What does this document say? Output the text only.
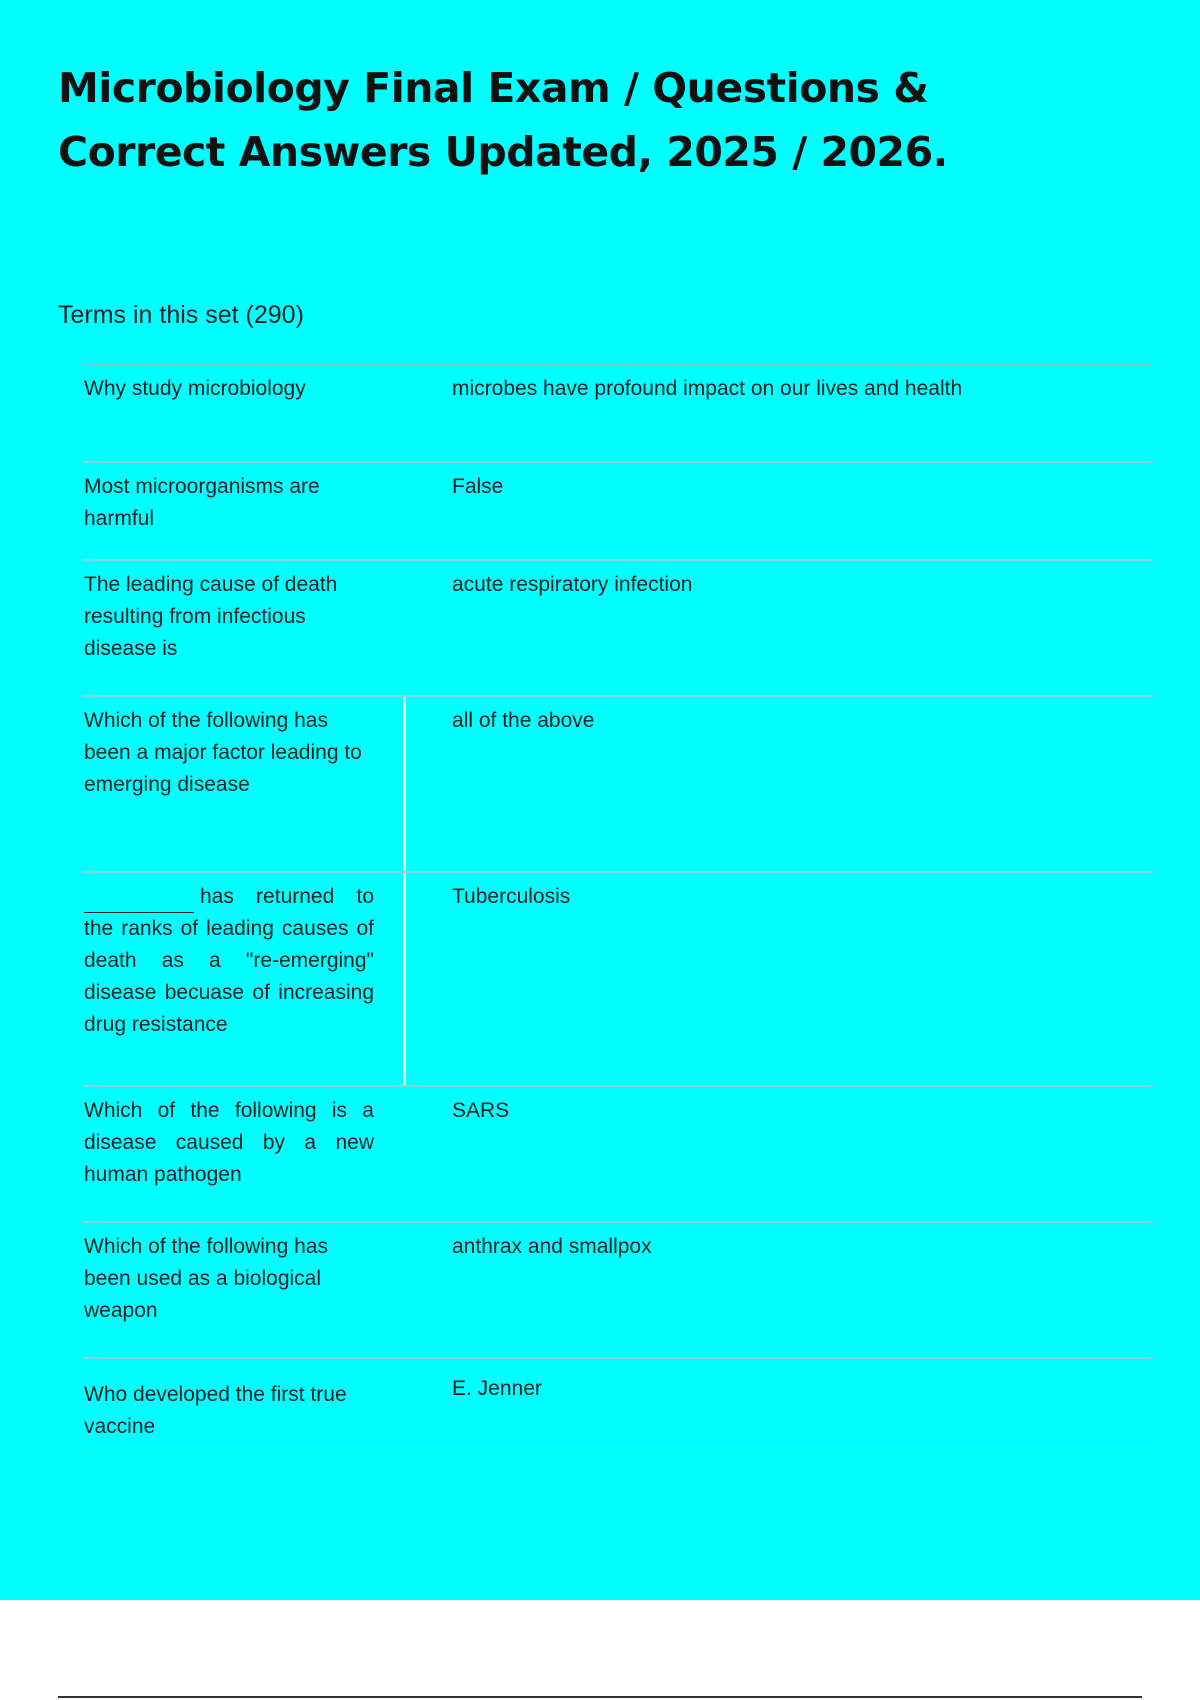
Microbiology Final Exam / Questions & Correct Answers Updated, 2025 / 2026.
Terms in this set (290)
Why study microbiology	microbes have profound impact on our lives and health
Most microorganisms are harmful
False
The leading cause of death resulting from infectious disease is
acute respiratory infection
Which of the following has been a major factor leading to emerging disease
all of the above
has returned to the ranks of leading causes of death as a "re-emerging" disease becuase of increasing drug resistance
Tuberculosis
Which of the following is a disease caused by a new human pathogen
SARS
Which of the following has been used as a biological weapon
anthrax and smallpox
Who developed the first true vaccine
E. Jenner
